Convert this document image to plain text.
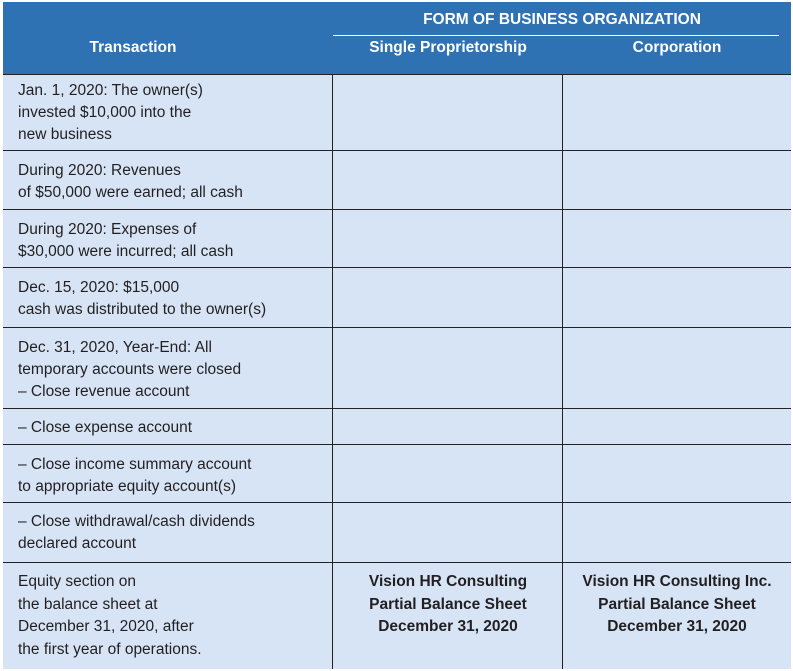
FORM OF BUSINESS ORGANIZATION
Transaction	Single Proprietorship	Corporation
Jan. 1, 2020: The owner(s)
invested $10,000 into the
new business
During 2020: Revenues
of $50,000 were earned; all cash
During 2020: Expenses of
$30,000 were incurred; all cash
Dec. 15, 2020: $15,000
cash was distributed to the owner(s)
Dec. 31, 2020, Year-End: All
temporary accounts were closed
– Close revenue account
– Close expense account
– Close income summary account
to appropriate equity account(s)
– Close withdrawal/cash dividends
declared account
Equity section on
the balance sheet at
December 31, 2020, after
the first year of operations.
Vision HR Consulting
Partial Balance Sheet
December 31, 2020
Vision HR Consulting Inc.
Partial Balance Sheet
December 31, 2020
